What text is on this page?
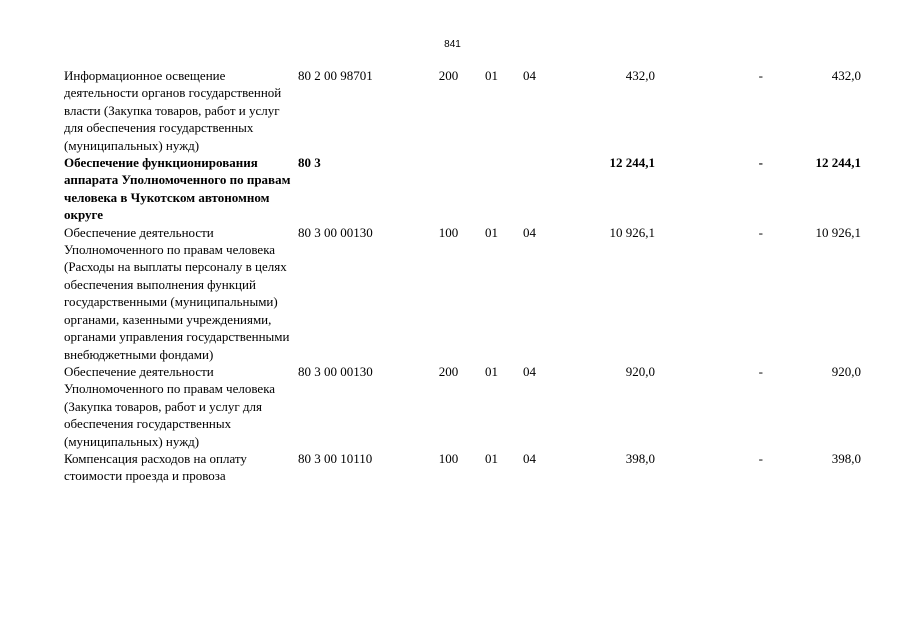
841
Информационное освещение деятельности органов государственной власти (Закупка товаров, работ и услуг для обеспечения государственных (муниципальных) нужд)	80 2 00 98701	200	01	04	432,0	-	432,0
Обеспечение функционирования аппарата Уполномоченного по правам человека в Чукотском автономном округе	80 3				12 244,1	-	12 244,1
Обеспечение деятельности Уполномоченного по правам человека (Расходы на выплаты персоналу в целях обеспечения выполнения функций государственными (муниципальными) органами, казенными учреждениями, органами управления государственными внебюджетными фондами)	80 3 00 00130	100	01	04	10 926,1	-	10 926,1
Обеспечение деятельности Уполномоченного по правам человека (Закупка товаров, работ и услуг для обеспечения государственных (муниципальных) нужд)	80 3 00 00130	200	01	04	920,0	-	920,0
Компенсация расходов на оплату стоимости проезда и провоза	80 3 00 10110	100	01	04	398,0	-	398,0
